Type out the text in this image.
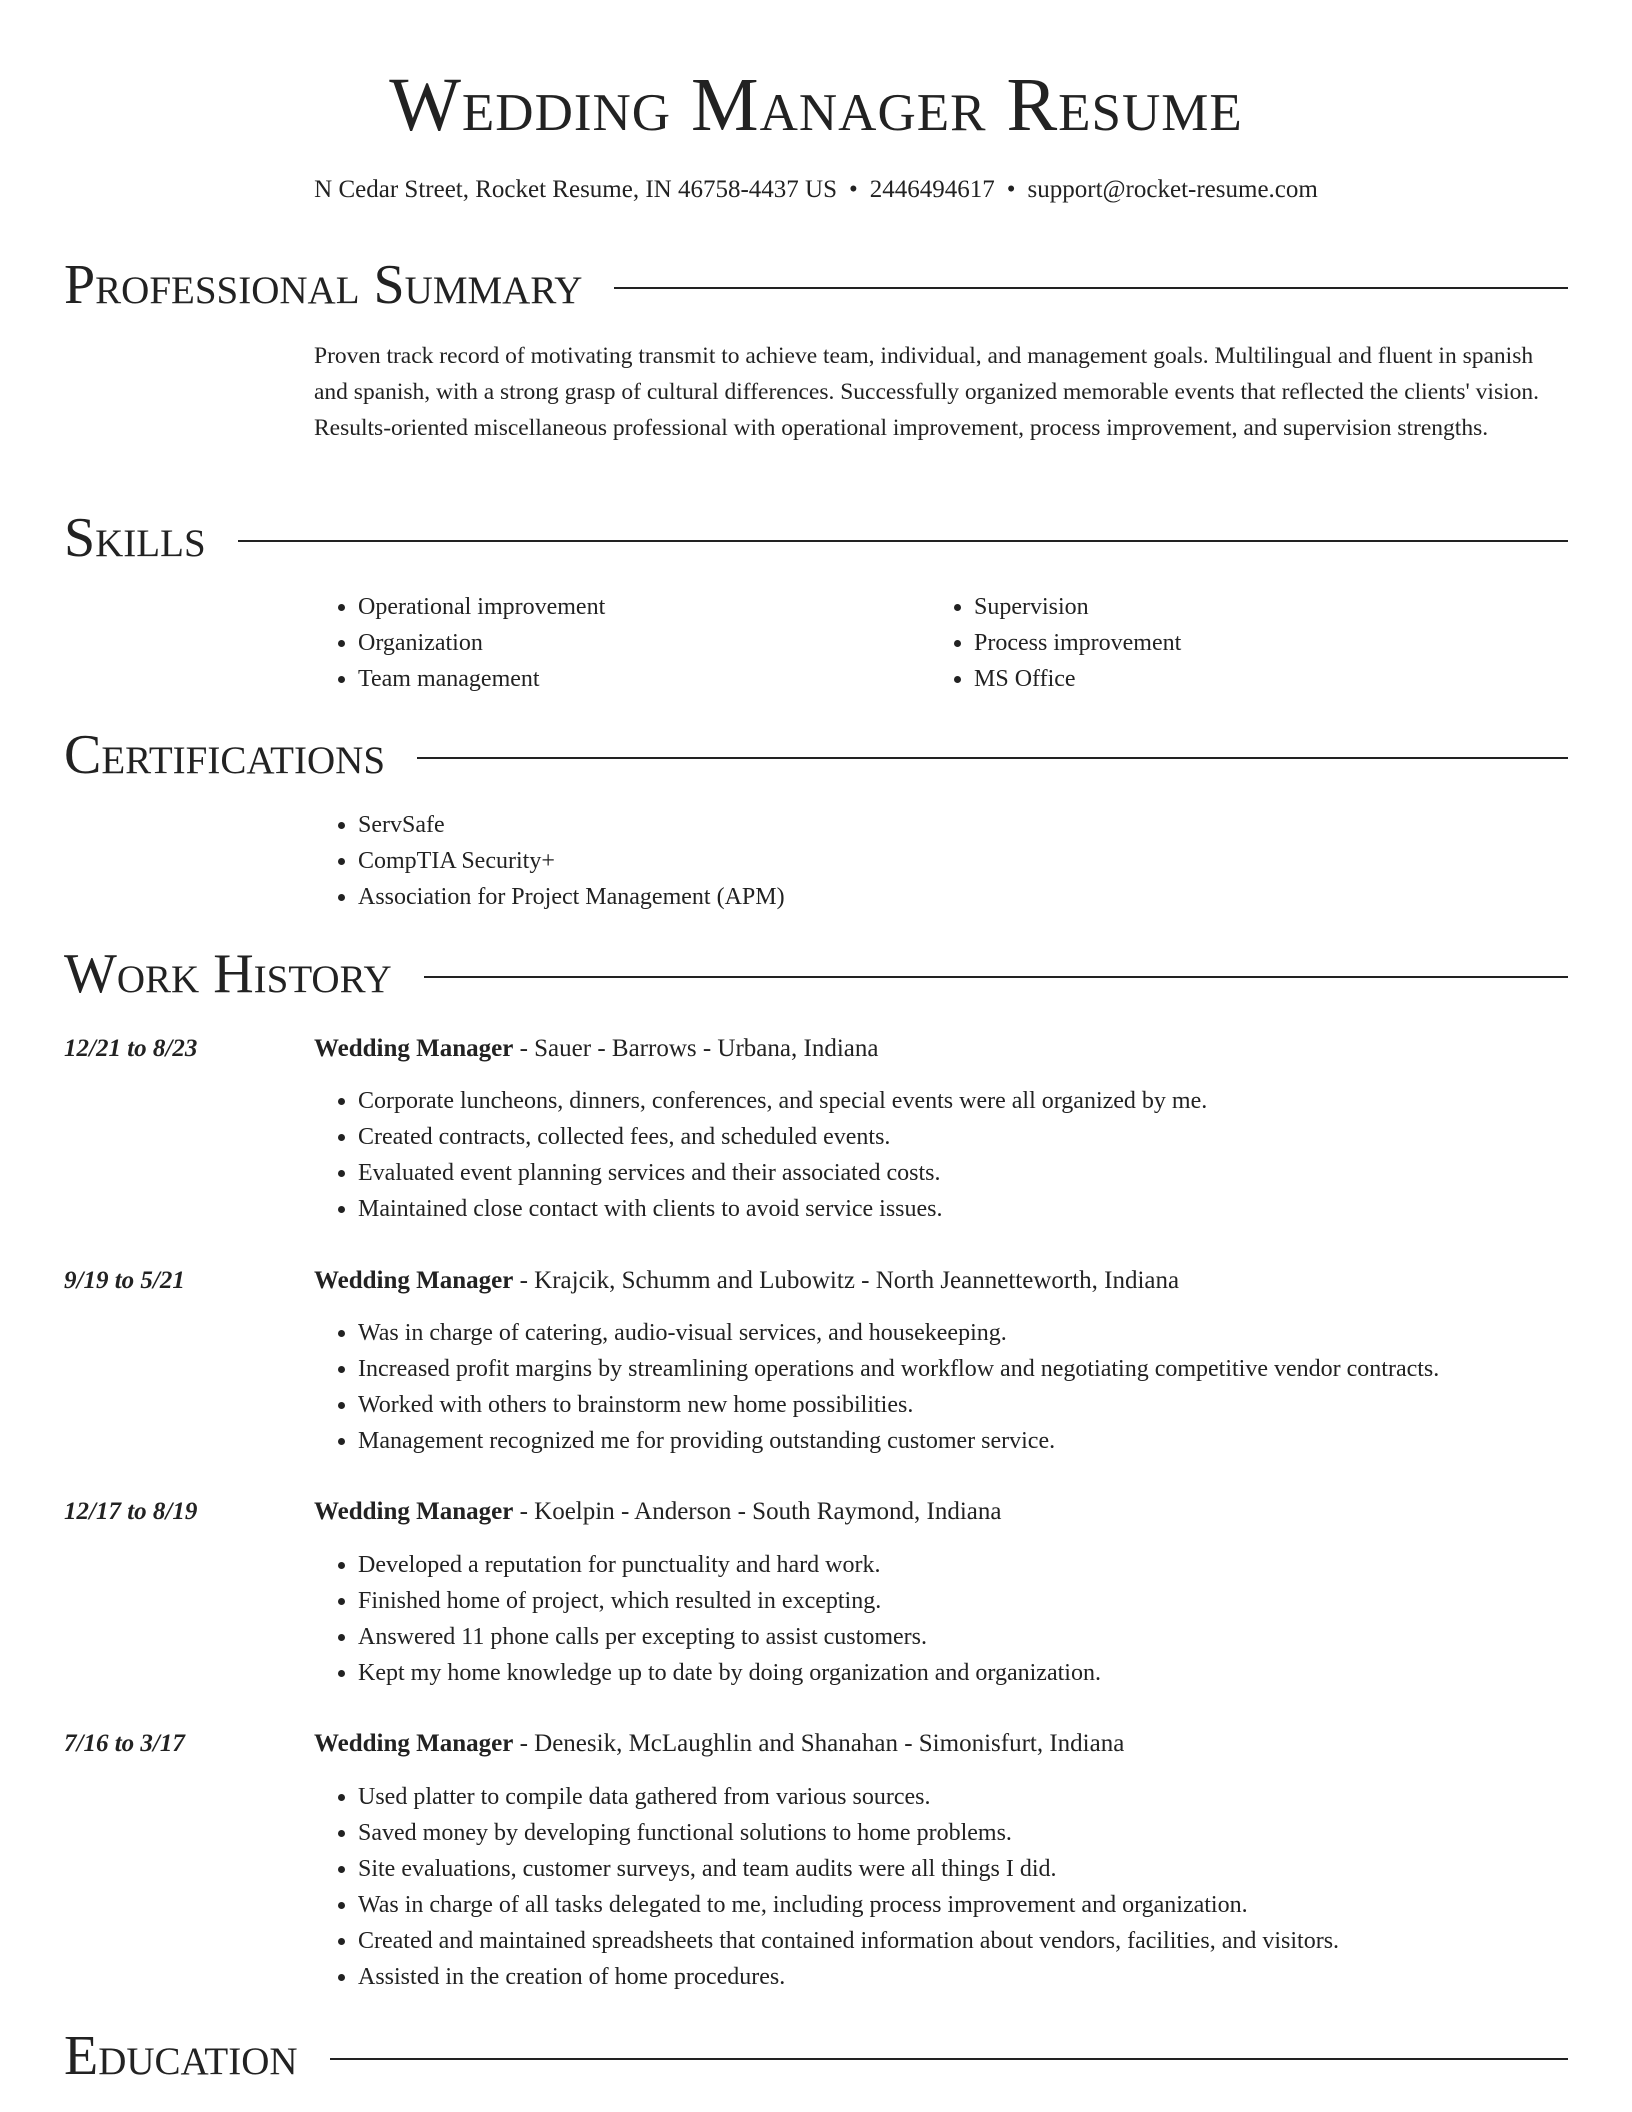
Wedding Manager Resume
N Cedar Street, Rocket Resume, IN 46758-4437 US • 2446494617 • support@rocket-resume.com
Professional Summary
Proven track record of motivating transmit to achieve team, individual, and management goals. Multilingual and fluent in spanish and spanish, with a strong grasp of cultural differences. Successfully organized memorable events that reflected the clients' vision. Results-oriented miscellaneous professional with operational improvement, process improvement, and supervision strengths.
Skills
• Operational improvement
• Organization
• Team management
• Supervision
• Process improvement
• MS Office
Certifications
• ServSafe
• CompTIA Security+
• Association for Project Management (APM)
Work History
12/21 to 8/23	Wedding Manager - Sauer - Barrows - Urbana, Indiana
• Corporate luncheons, dinners, conferences, and special events were all organized by me.
• Created contracts, collected fees, and scheduled events.
• Evaluated event planning services and their associated costs.
• Maintained close contact with clients to avoid service issues.
9/19 to 5/21	Wedding Manager - Krajcik, Schumm and Lubowitz - North Jeannetteworth, Indiana
• Was in charge of catering, audio-visual services, and housekeeping.
• Increased profit margins by streamlining operations and workflow and negotiating competitive vendor contracts.
• Worked with others to brainstorm new home possibilities.
• Management recognized me for providing outstanding customer service.
12/17 to 8/19	Wedding Manager - Koelpin - Anderson - South Raymond, Indiana
• Developed a reputation for punctuality and hard work.
• Finished home of project, which resulted in excepting.
• Answered 11 phone calls per excepting to assist customers.
• Kept my home knowledge up to date by doing organization and organization.
7/16 to 3/17	Wedding Manager - Denesik, McLaughlin and Shanahan - Simonisfurt, Indiana
• Used platter to compile data gathered from various sources.
• Saved money by developing functional solutions to home problems.
• Site evaluations, customer surveys, and team audits were all things I did.
• Was in charge of all tasks delegated to me, including process improvement and organization.
• Created and maintained spreadsheets that contained information about vendors, facilities, and visitors.
• Assisted in the creation of home procedures.
Education
